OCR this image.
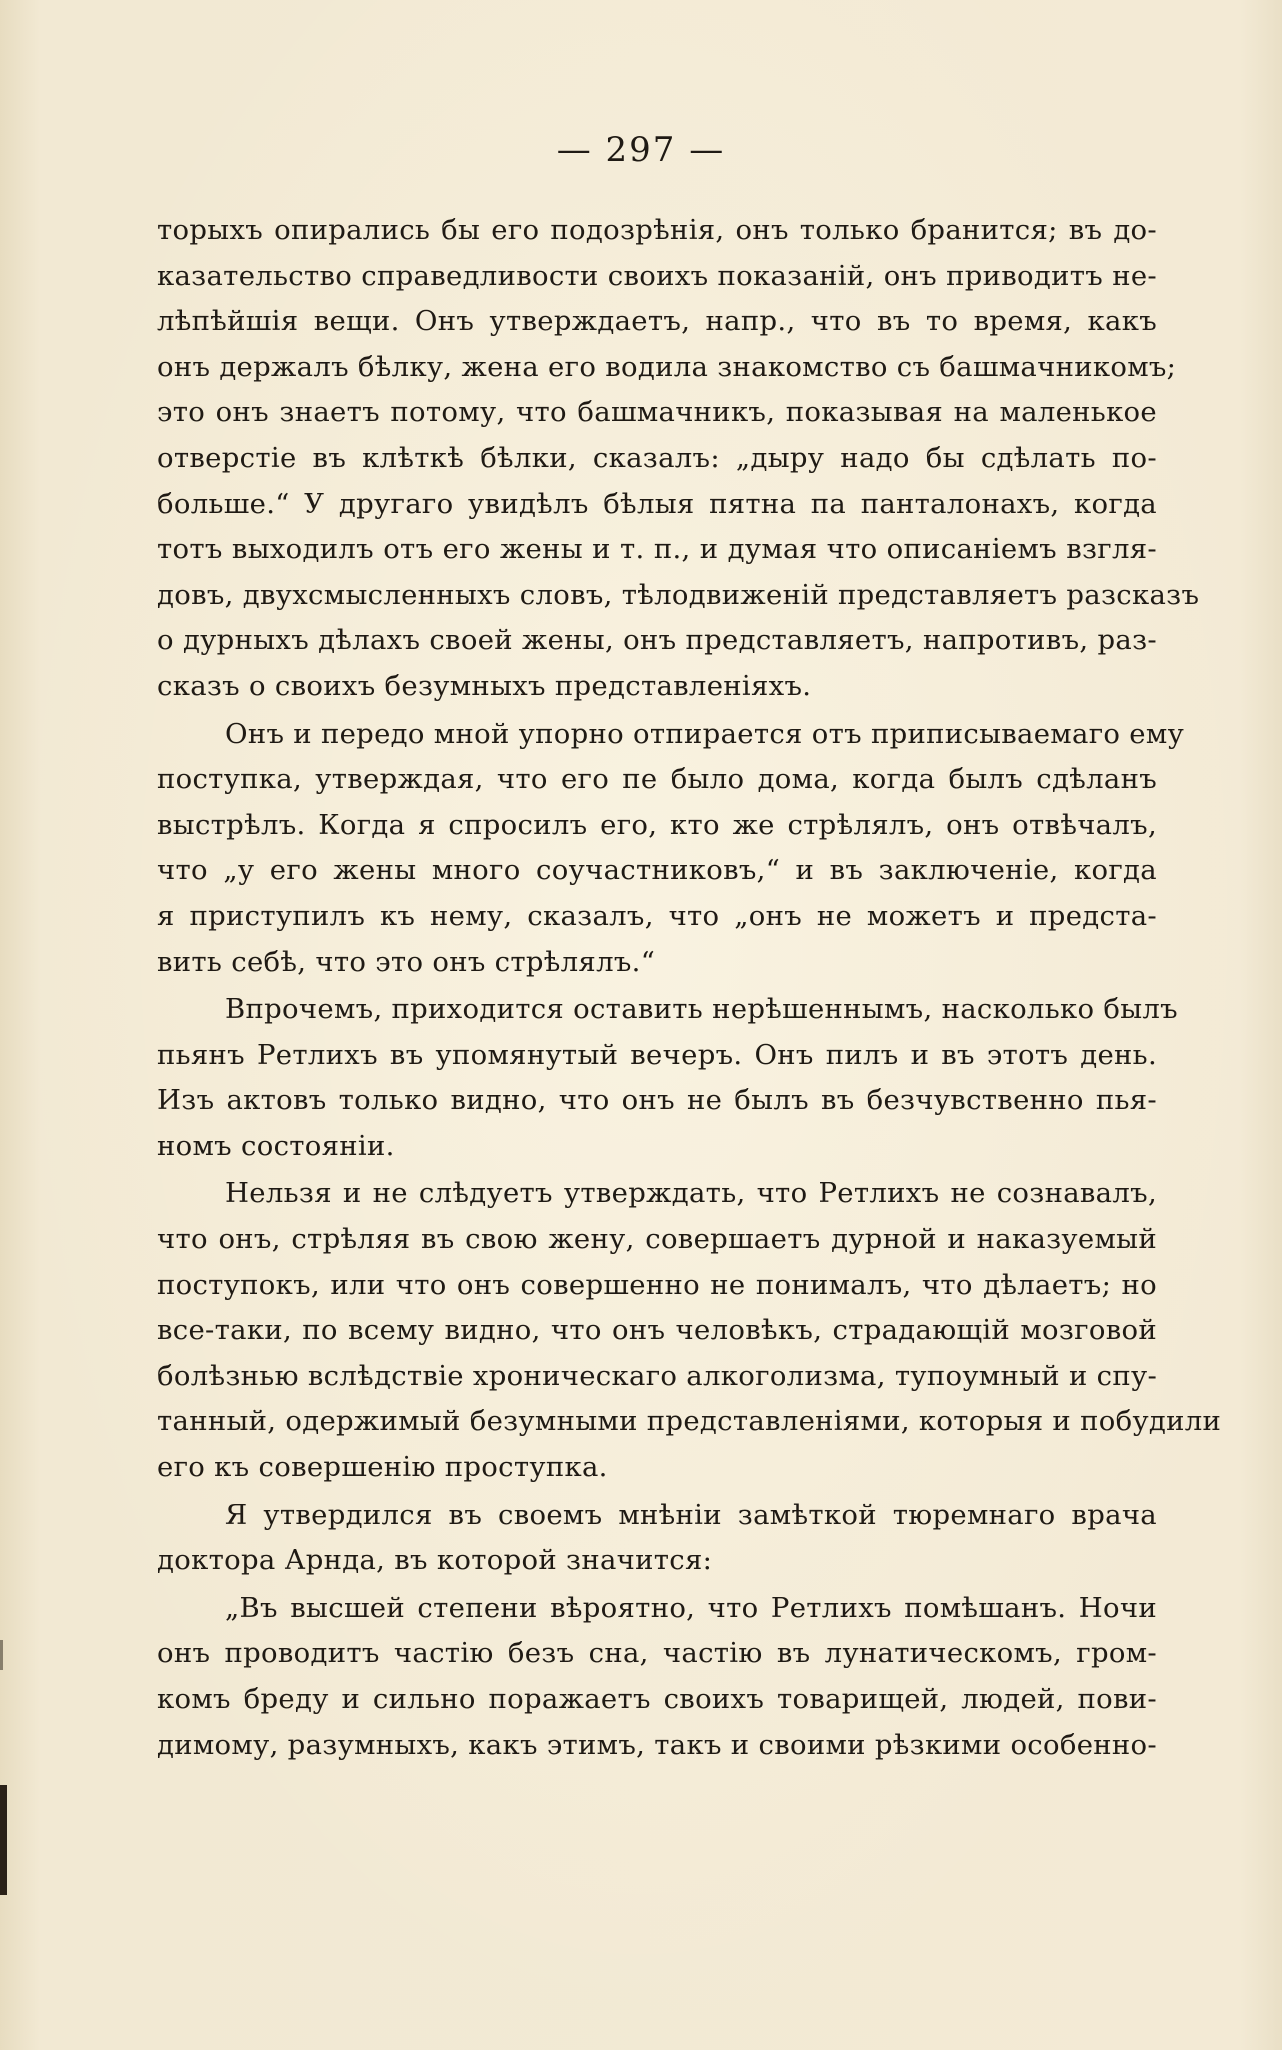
— 297 —
торыхъ опирались бы его подозрѣнія, онъ только бранится; въ до-
казательство справедливости своихъ показаній, онъ приводитъ не-
лѣпѣйшія вещи. Онъ утверждаетъ, напр., что въ то время, какъ
онъ держалъ бѣлку, жена его водила знакомство съ башмачникомъ;
это онъ знаетъ потому, что башмачникъ, показывая на маленькое
отверстіе въ клѣткѣ бѣлки, сказалъ: „дыру надо бы сдѣлать по-
больше.“ У другаго увидѣлъ бѣлыя пятна па панталонахъ, когда
тотъ выходилъ отъ его жены и т. п., и думая что описаніемъ взгля-
довъ, двухсмысленныхъ словъ, тѣлодвиженій представляетъ разсказъ
о дурныхъ дѣлахъ своей жены, онъ представляетъ, напротивъ, раз-
сказъ о своихъ безумныхъ представленіяхъ.
Онъ и передо мной упорно отпирается отъ приписываемаго ему
поступка, утверждая, что его пе было дома, когда былъ сдѣланъ
выстрѣлъ. Когда я спросилъ его, кто же стрѣлялъ, онъ отвѣчалъ,
что „у его жены много соучастниковъ,“ и въ заключеніе, когда
я приступилъ къ нему, сказалъ, что „онъ не можетъ и предста-
вить себѣ, что это онъ стрѣлялъ.“
Впрочемъ, приходится оставить нерѣшеннымъ, насколько былъ
пьянъ Ретлихъ въ упомянутый вечеръ. Онъ пилъ и въ этотъ день.
Изъ актовъ только видно, что онъ не былъ въ безчувственно пья-
номъ состояніи.
Нельзя и не слѣдуетъ утверждать, что Ретлихъ не сознавалъ,
что онъ, стрѣляя въ свою жену, совершаетъ дурной и наказуемый
поступокъ, или что онъ совершенно не понималъ, что дѣлаетъ; но
все-таки, по всему видно, что онъ человѣкъ, страдающій мозговой
болѣзнью вслѣдствіе хроническаго алкоголизма, тупоумный и спу-
танный, одержимый безумными представленіями, которыя и побудили
его къ совершенію проступка.
Я утвердился въ своемъ мнѣніи замѣткой тюремнаго врача
доктора Арнда, въ которой значится:
„Въ высшей степени вѣроятно, что Ретлихъ помѣшанъ. Ночи
онъ проводитъ частію безъ сна, частію въ лунатическомъ, гром-
комъ бреду и сильно поражаетъ своихъ товарищей, людей, пови-
димому, разумныхъ, какъ этимъ, такъ и своими рѣзкими особенно-
